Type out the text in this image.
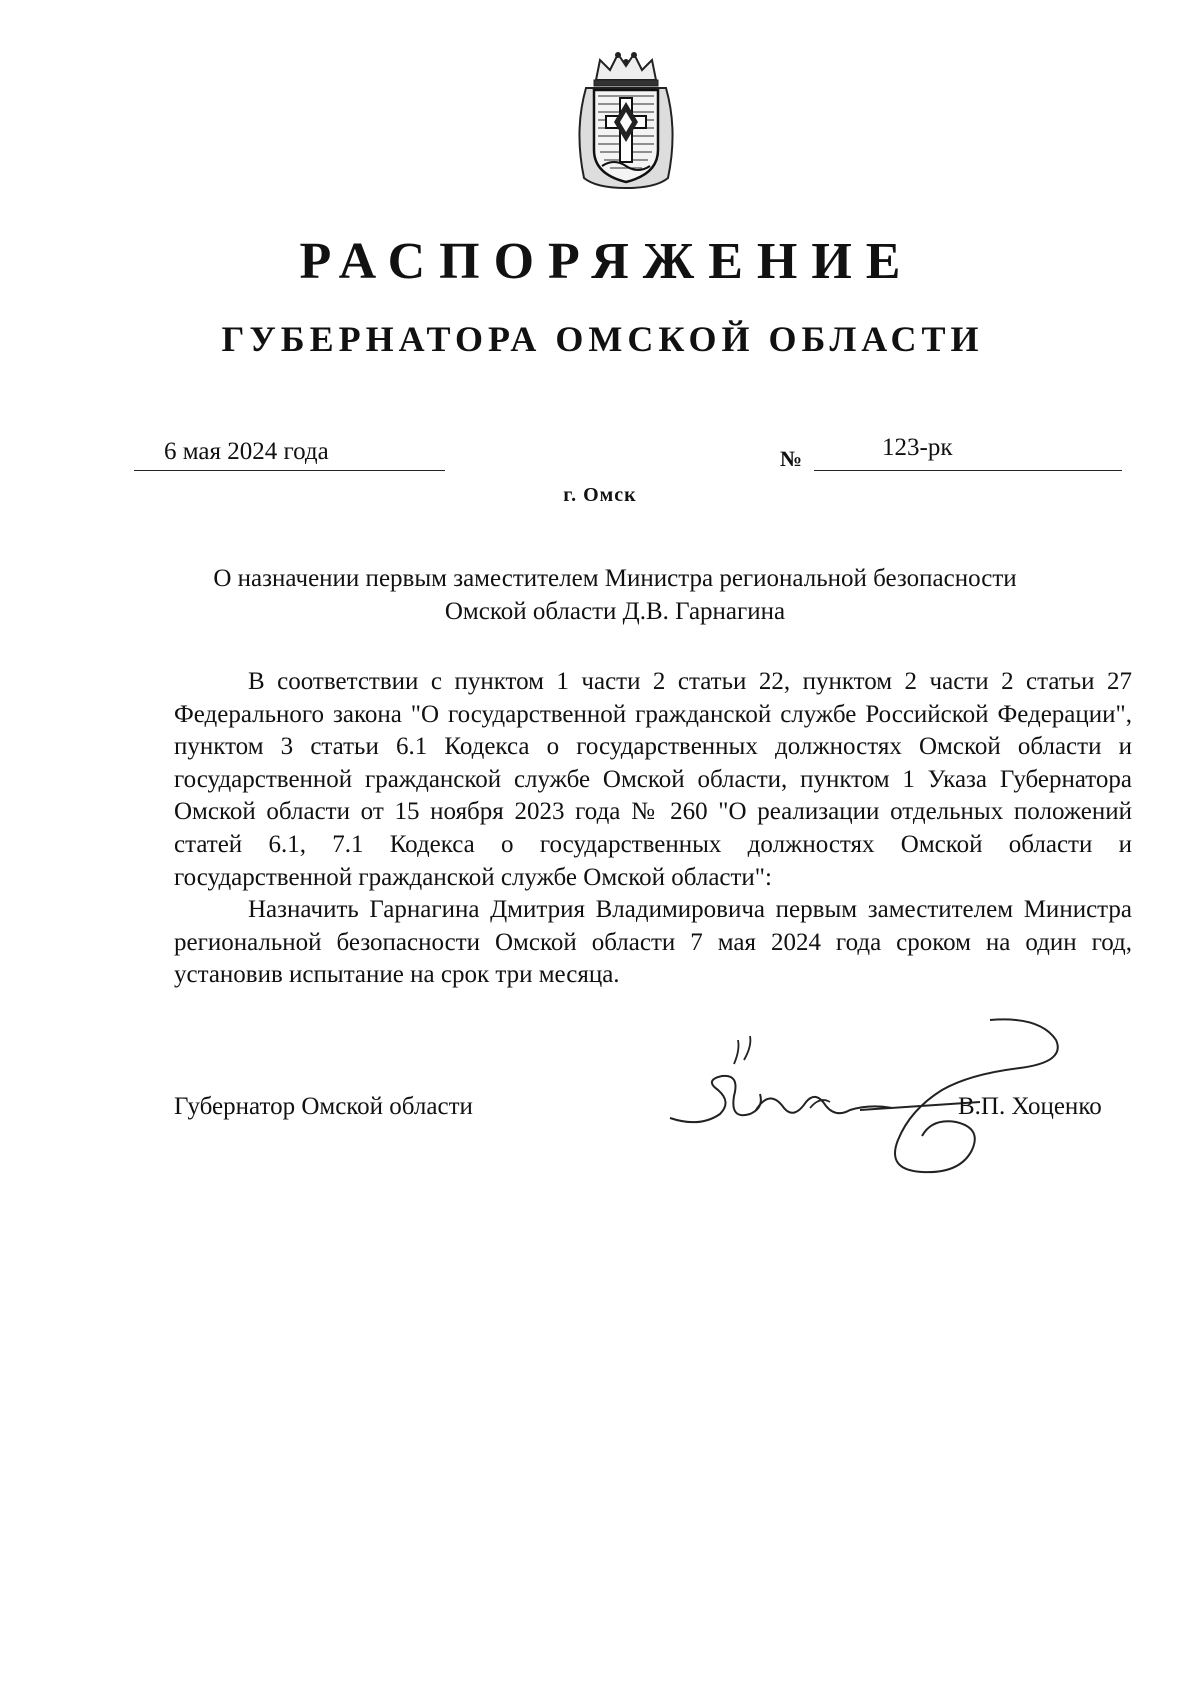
РАСПОРЯЖЕНИЕ
ГУБЕРНАТОРА ОМСКОЙ ОБЛАСТИ
6 мая 2024 года	№	123-рк
г. Омск
О назначении первым заместителем Министра региональной безопасности
Омской области Д.В. Гарнагина

В соответствии с пунктом 1 части 2 статьи 22, пунктом 2 части 2 статьи 27 Федерального закона "О государственной гражданской службе Российской Федерации", пунктом 3 статьи 6.1 Кодекса о государственных должностях Омской области и государственной гражданской службе Омской области, пунктом 1 Указа Губернатора Омской области от 15 ноября 2023 года № 260 "О реализации отдельных положений статей 6.1, 7.1 Кодекса о государственных должностях Омской области и государственной гражданской службе Омской области":

Назначить Гарнагина Дмитрия Владимировича первым заместителем Министра региональной безопасности Омской области 7 мая 2024 года сроком на один год, установив испытание на срок три месяца.

Губернатор Омской области	В.П. Хоценко
